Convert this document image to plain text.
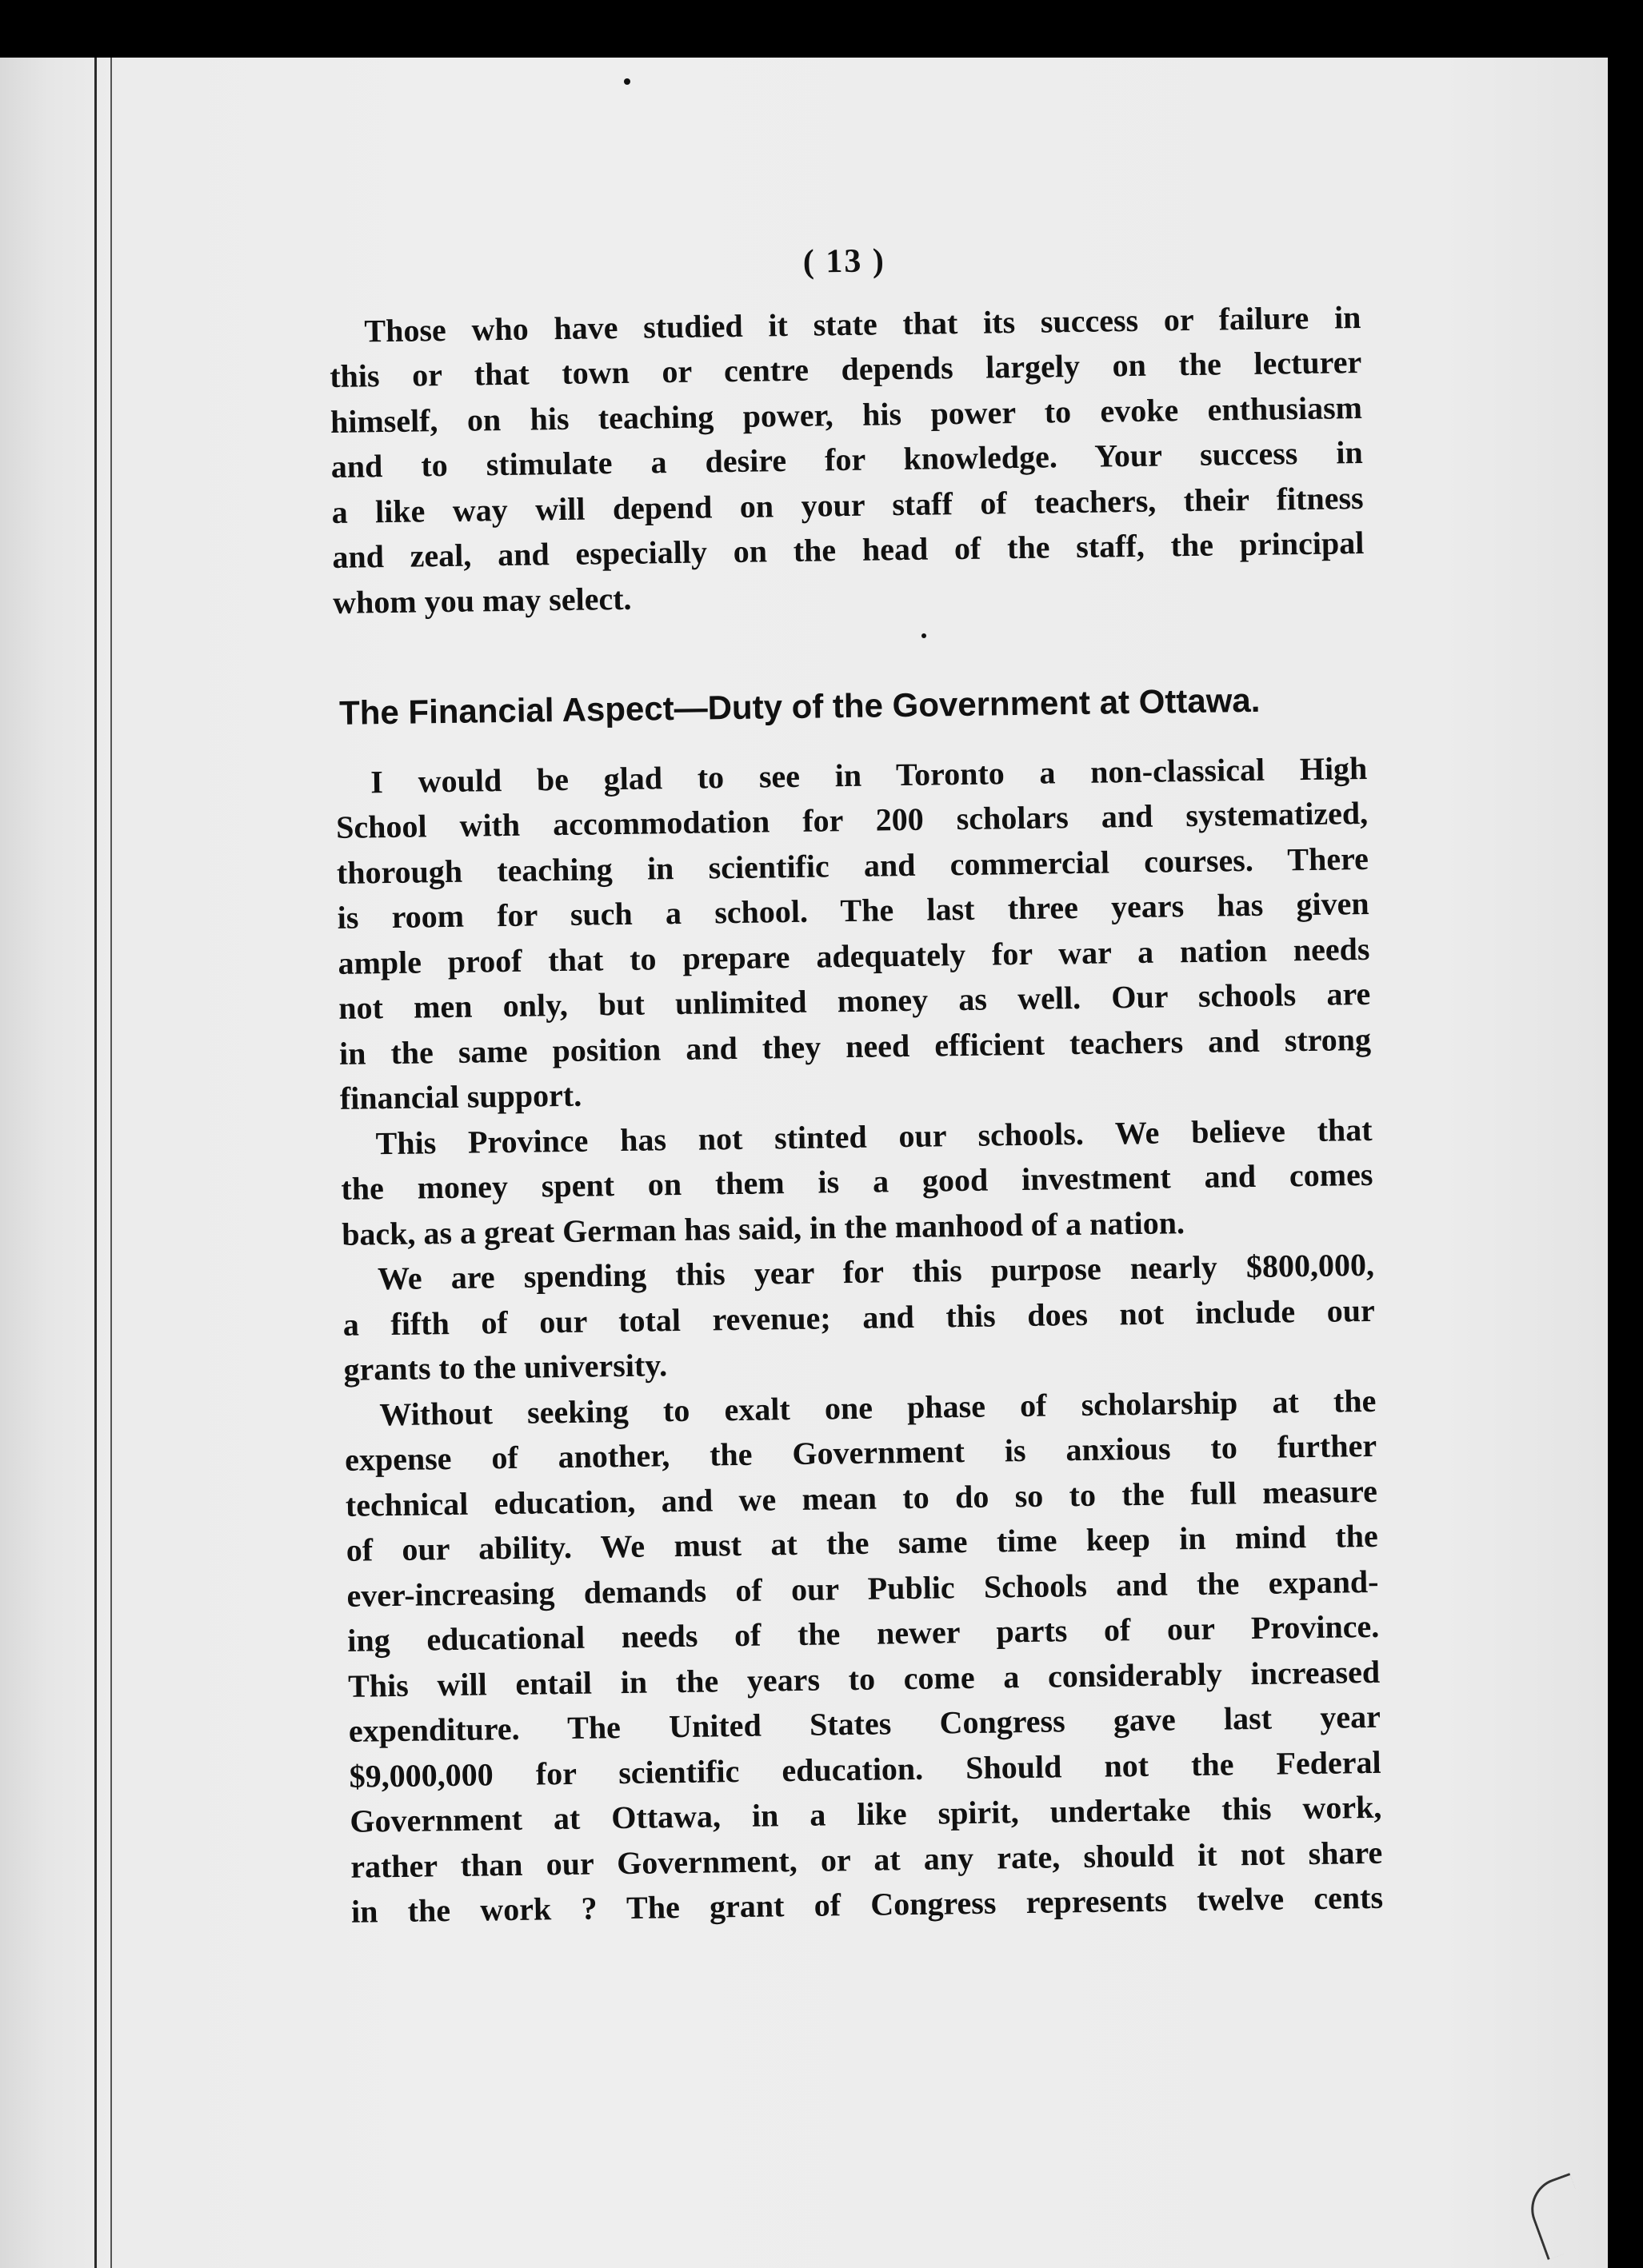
( 13 )
Those who have studied it state that its success or failure in
this or that town or centre depends largely on the lecturer
himself, on his teaching power, his power to evoke enthusiasm
and to stimulate a desire for knowledge. Your success in
a like way will depend on your staff of teachers, their fitness
and zeal, and especially on the head of the staff, the principal
whom you may select.
The Financial Aspect—Duty of the Government at Ottawa.
I would be glad to see in Toronto a non-classical High
School with accommodation for 200 scholars and systematized,
thorough teaching in scientific and commercial courses. There
is room for such a school. The last three years has given
ample proof that to prepare adequately for war a nation needs
not men only, but unlimited money as well. Our schools are
in the same position and they need efficient teachers and strong
financial support.
This Province has not stinted our schools. We believe that
the money spent on them is a good investment and comes
back, as a great German has said, in the manhood of a nation.
We are spending this year for this purpose nearly $800,000,
a fifth of our total revenue; and this does not include our
grants to the university.
Without seeking to exalt one phase of scholarship at the
expense of another, the Government is anxious to further
technical education, and we mean to do so to the full measure
of our ability. We must at the same time keep in mind the
ever-increasing demands of our Public Schools and the expand-
ing educational needs of the newer parts of our Province.
This will entail in the years to come a considerably increased
expenditure. The United States Congress gave last year
$9,000,000 for scientific education. Should not the Federal
Government at Ottawa, in a like spirit, undertake this work,
rather than our Government, or at any rate, should it not share
in the work ? The grant of Congress represents twelve cents
